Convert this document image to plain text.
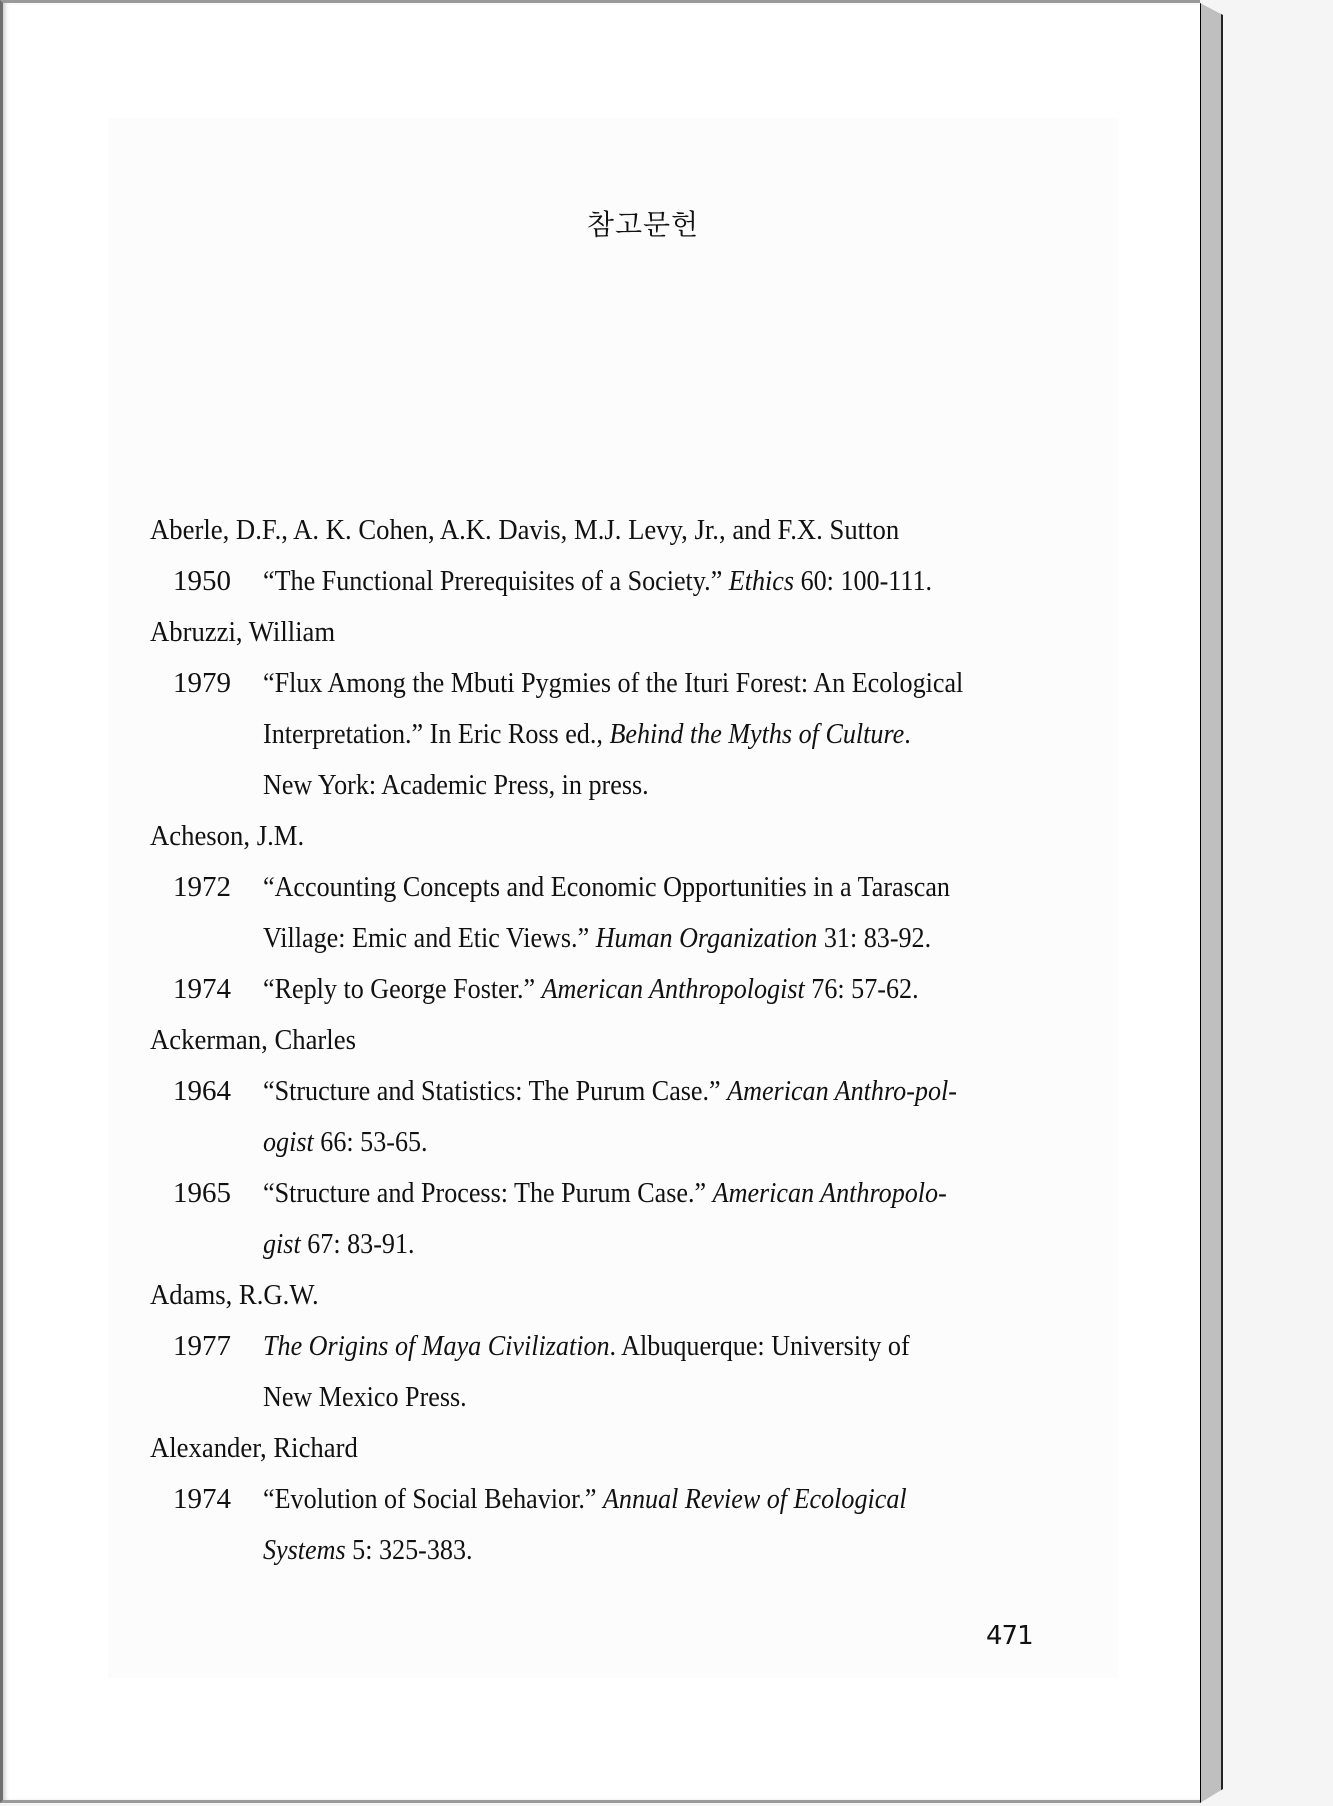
참고문헌
Aberle, D.F., A. K. Cohen, A.K. Davis, M.J. Levy, Jr., and F.X. Sutton
1950	“The Functional Prerequisites of a Society.” Ethics 60: 100-111.
Abruzzi, William
1979	“Flux Among the Mbuti Pygmies of the Ituri Forest: An Ecological
Interpretation.” In Eric Ross ed., Behind the Myths of Culture.
New York: Academic Press, in press.
Acheson, J.M.
1972	“Accounting Concepts and Economic Opportunities in a Tarascan
Village: Emic and Etic Views.” Human Organization 31: 83-92.
1974	“Reply to George Foster.” American Anthropologist 76: 57-62.
Ackerman, Charles
1964	“Structure and Statistics: The Purum Case.” American Anthro-pol-
ogist 66: 53-65.
1965	“Structure and Process: The Purum Case.” American Anthropolo-
gist 67: 83-91.
Adams, R.G.W.
1977	The Origins of Maya Civilization. Albuquerque: University of
New Mexico Press.
Alexander, Richard
1974	“Evolution of Social Behavior.” Annual Review of Ecological
Systems 5: 325-383.
471
